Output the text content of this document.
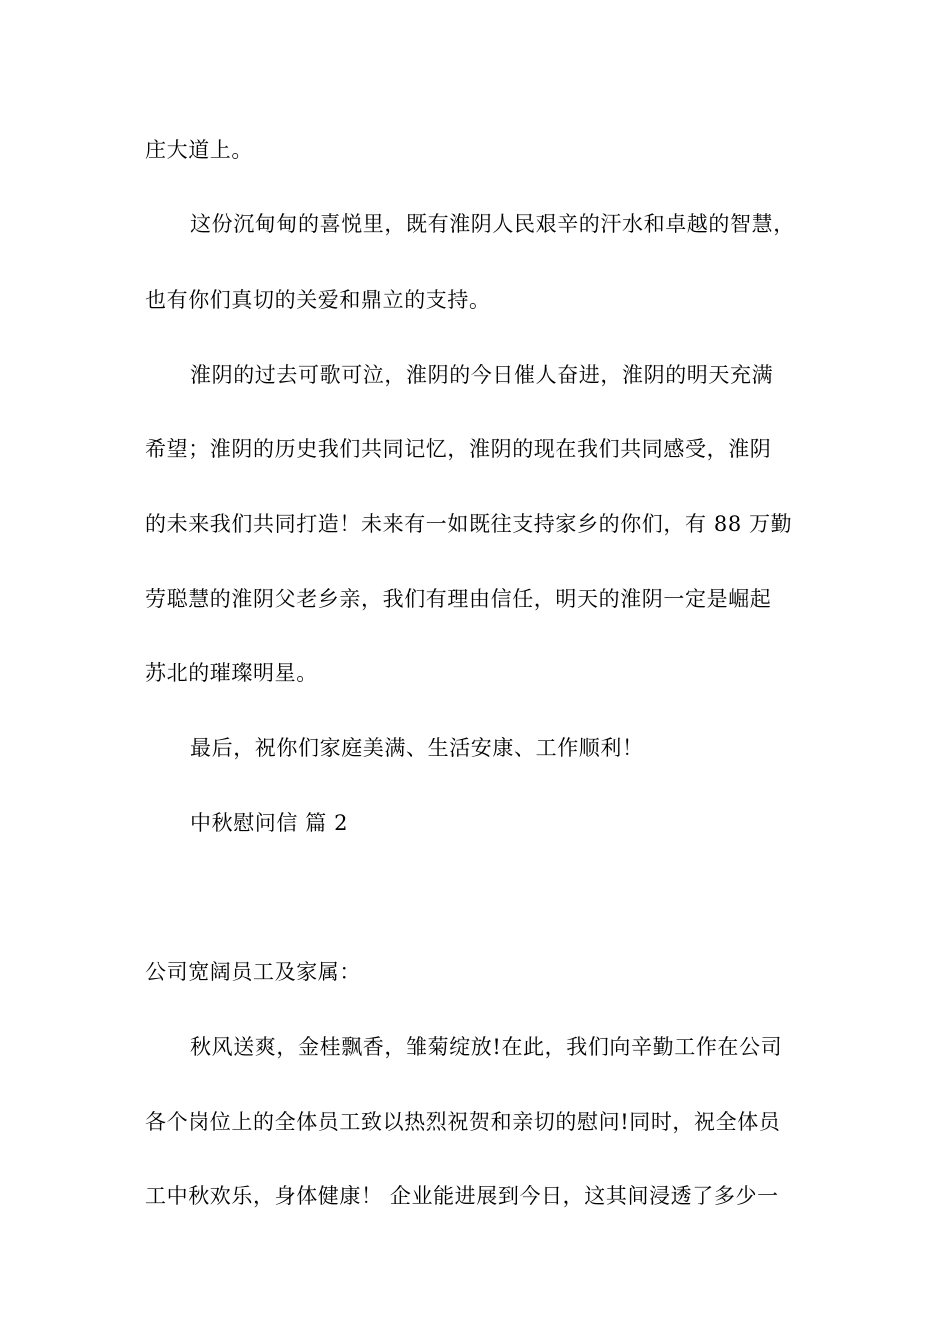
庄大道上。
这份沉甸甸的喜悦里，既有淮阴人民艰辛的汗水和卓越的智慧，
也有你们真切的关爱和鼎立的支持。
淮阴的过去可歌可泣，淮阴的今日催人奋进，淮阴的明天充满
希望；淮阴的历史我们共同记忆，淮阴的现在我们共同感受，淮阴
的未来我们共同打造！未来有一如既往支持家乡的你们，有 88 万勤
劳聪慧的淮阴父老乡亲，我们有理由信任，明天的淮阴一定是崛起
苏北的璀璨明星。
最后，祝你们家庭美满、生活安康、工作顺利！
中秋慰问信 篇 2
公司宽阔员工及家属：
秋风送爽，金桂飘香，雏菊绽放!在此，我们向辛勤工作在公司
各个岗位上的全体员工致以热烈祝贺和亲切的慰问!同时，祝全体员
工中秋欢乐，身体健康！ 企业能进展到今日，这其间浸透了多少一
